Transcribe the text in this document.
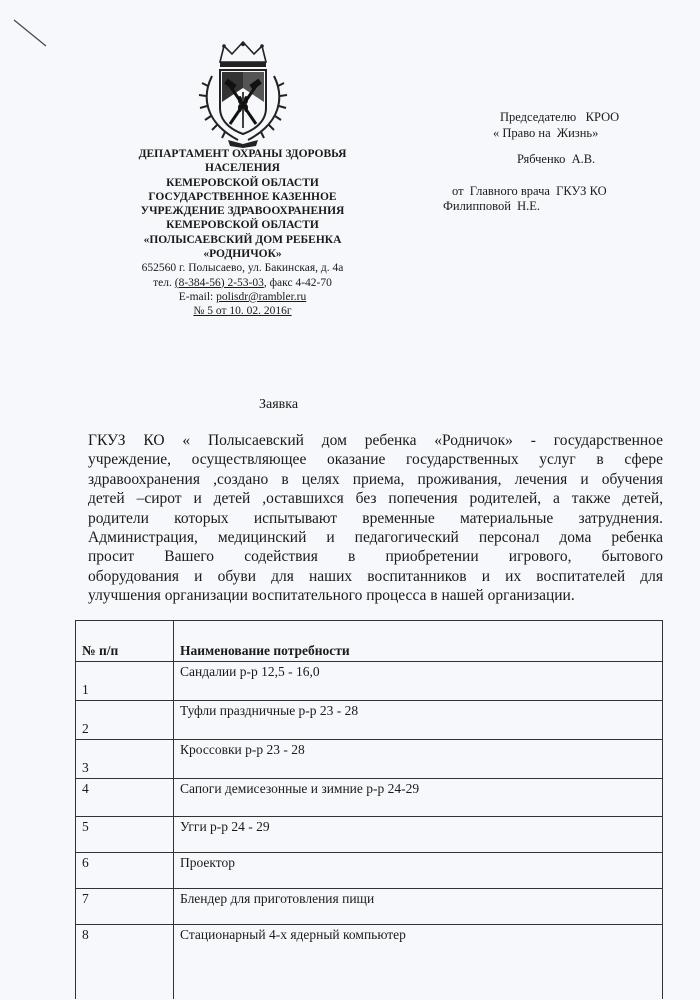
ДЕПАРТАМЕНТ ОХРАНЫ ЗДОРОВЬЯ
НАСЕЛЕНИЯ
КЕМЕРОВСКОЙ ОБЛАСТИ
ГОСУДАРСТВЕННОЕ КАЗЕННОЕ
УЧРЕЖДЕНИЕ ЗДРАВООХРАНЕНИЯ
КЕМЕРОВСКОЙ ОБЛАСТИ
«ПОЛЫСАЕВСКИЙ ДОМ РЕБЕНКА
«РОДНИЧОК»
652560 г. Полысаево, ул. Бакинская, д. 4а
тел. (8-384-56) 2-53-03, факс 4-42-70
E-mail: polisdr@rambler.ru
№ 5 от 10. 02. 2016г
Председателю   КРОО
« Право на  Жизнь»
Рябченко  А.В.
от  Главного врача  ГКУЗ КО
Филипповой  Н.Е.
Заявка
ГКУЗ КО « Полысаевский дом ребенка «Родничок» - государственное
учреждение, осуществляющее оказание государственных услуг в сфере
здравоохранения ,создано в целях приема, проживания, лечения и обучения
детей –сирот и детей ,оставшихся без попечения родителей, а также детей,
родители которых испытывают временные материальные затруднения.
Администрация, медицинский и педагогический персонал дома ребенка
просит Вашего содействия в приобретении игрового, бытового
оборудования и обуви для наших воспитанников и их воспитателей для
улучшения организации воспитательного процесса в нашей организации.
№ п/п	Наименование потребности
1	Сандалии р-р 12,5 - 16,0
2	Туфли праздничные р-р 23 - 28
3	Кроссовки р-р 23 - 28
4	Сапоги демисезонные и зимние р-р 24-29
5	Угги р-р 24 - 29
6	Проектор
7	Блендер для приготовления пищи
8	Стационарный 4-х ядерный компьютер
